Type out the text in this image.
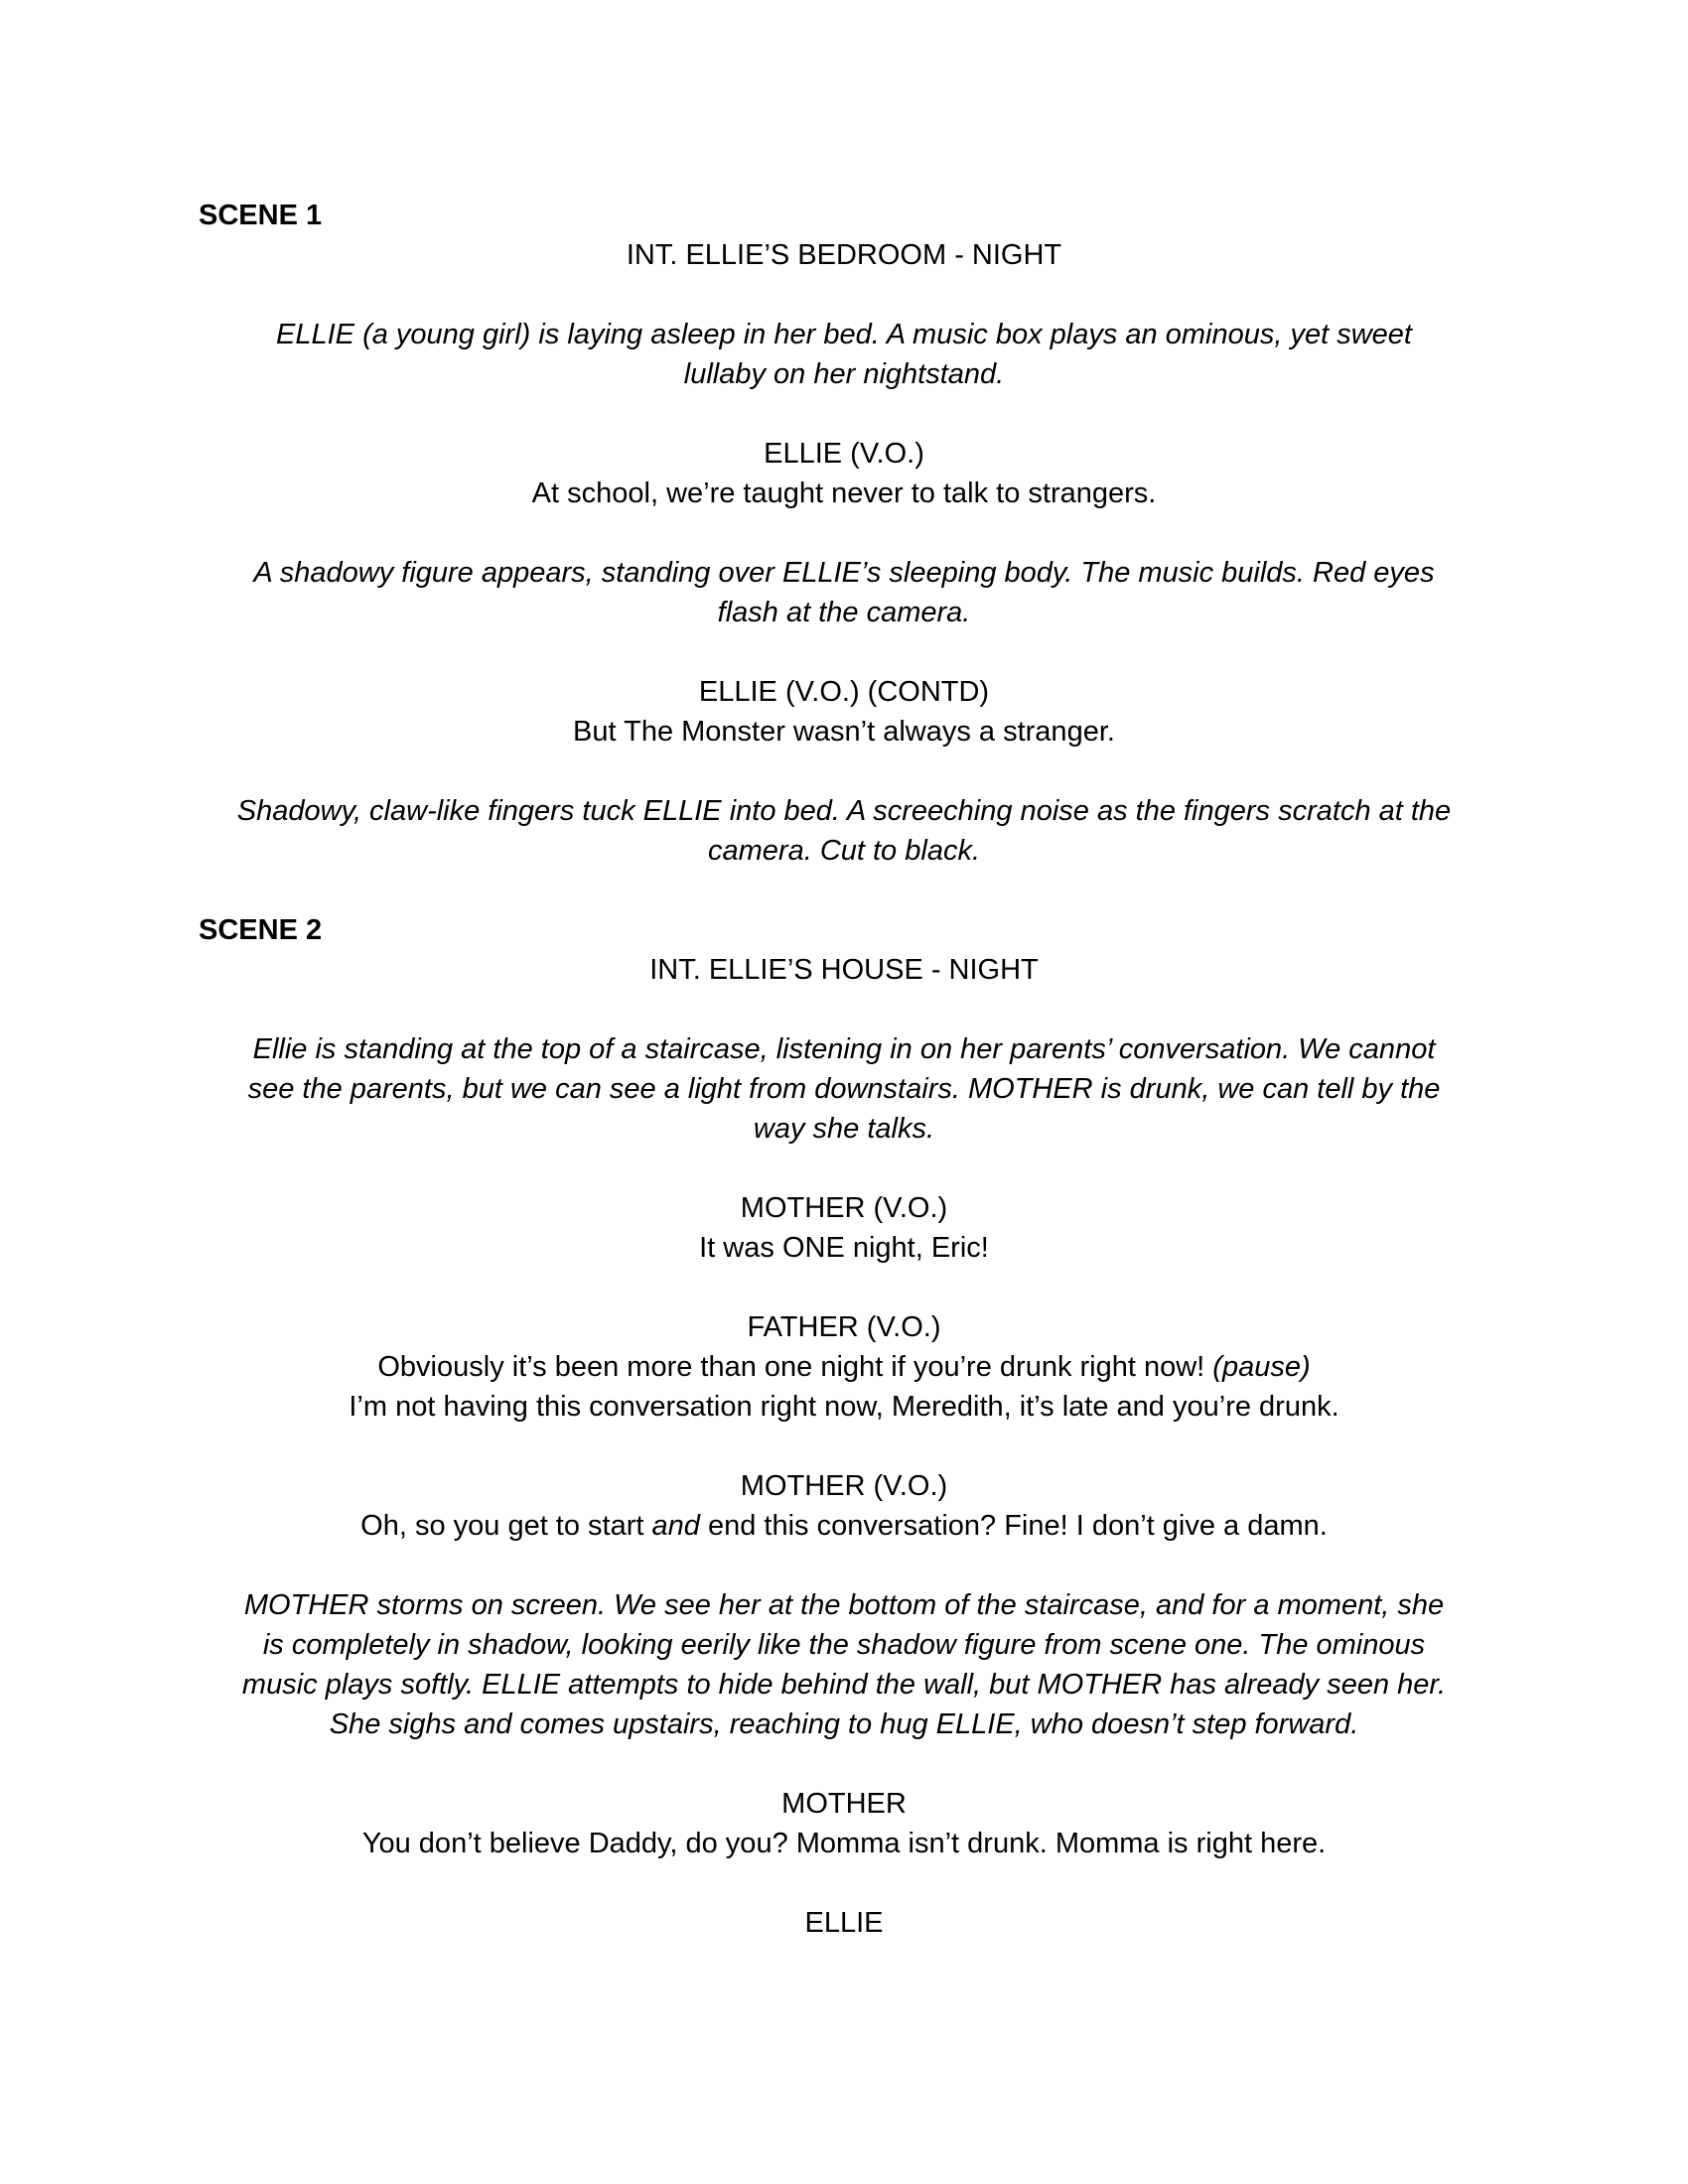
SCENE 1
INT. ELLIE’S BEDROOM - NIGHT
ELLIE (a young girl) is laying asleep in her bed. A music box plays an ominous, yet sweet
lullaby on her nightstand.
ELLIE (V.O.)
At school, we’re taught never to talk to strangers.
A shadowy figure appears, standing over ELLIE’s sleeping body. The music builds. Red eyes
flash at the camera.
ELLIE (V.O.) (CONTD)
But The Monster wasn’t always a stranger.
Shadowy, claw-like fingers tuck ELLIE into bed. A screeching noise as the fingers scratch at the
camera. Cut to black.
SCENE 2
INT. ELLIE’S HOUSE - NIGHT
Ellie is standing at the top of a staircase, listening in on her parents’ conversation. We cannot
see the parents, but we can see a light from downstairs. MOTHER is drunk, we can tell by the
way she talks.
MOTHER (V.O.)
It was ONE night, Eric!
FATHER (V.O.)
Obviously it’s been more than one night if you’re drunk right now! (pause)
I’m not having this conversation right now, Meredith, it’s late and you’re drunk.
MOTHER (V.O.)
Oh, so you get to start and end this conversation? Fine! I don’t give a damn.
MOTHER storms on screen. We see her at the bottom of the staircase, and for a moment, she
is completely in shadow, looking eerily like the shadow figure from scene one. The ominous
music plays softly. ELLIE attempts to hide behind the wall, but MOTHER has already seen her.
She sighs and comes upstairs, reaching to hug ELLIE, who doesn’t step forward.
MOTHER
You don’t believe Daddy, do you? Momma isn’t drunk. Momma is right here.
ELLIE
